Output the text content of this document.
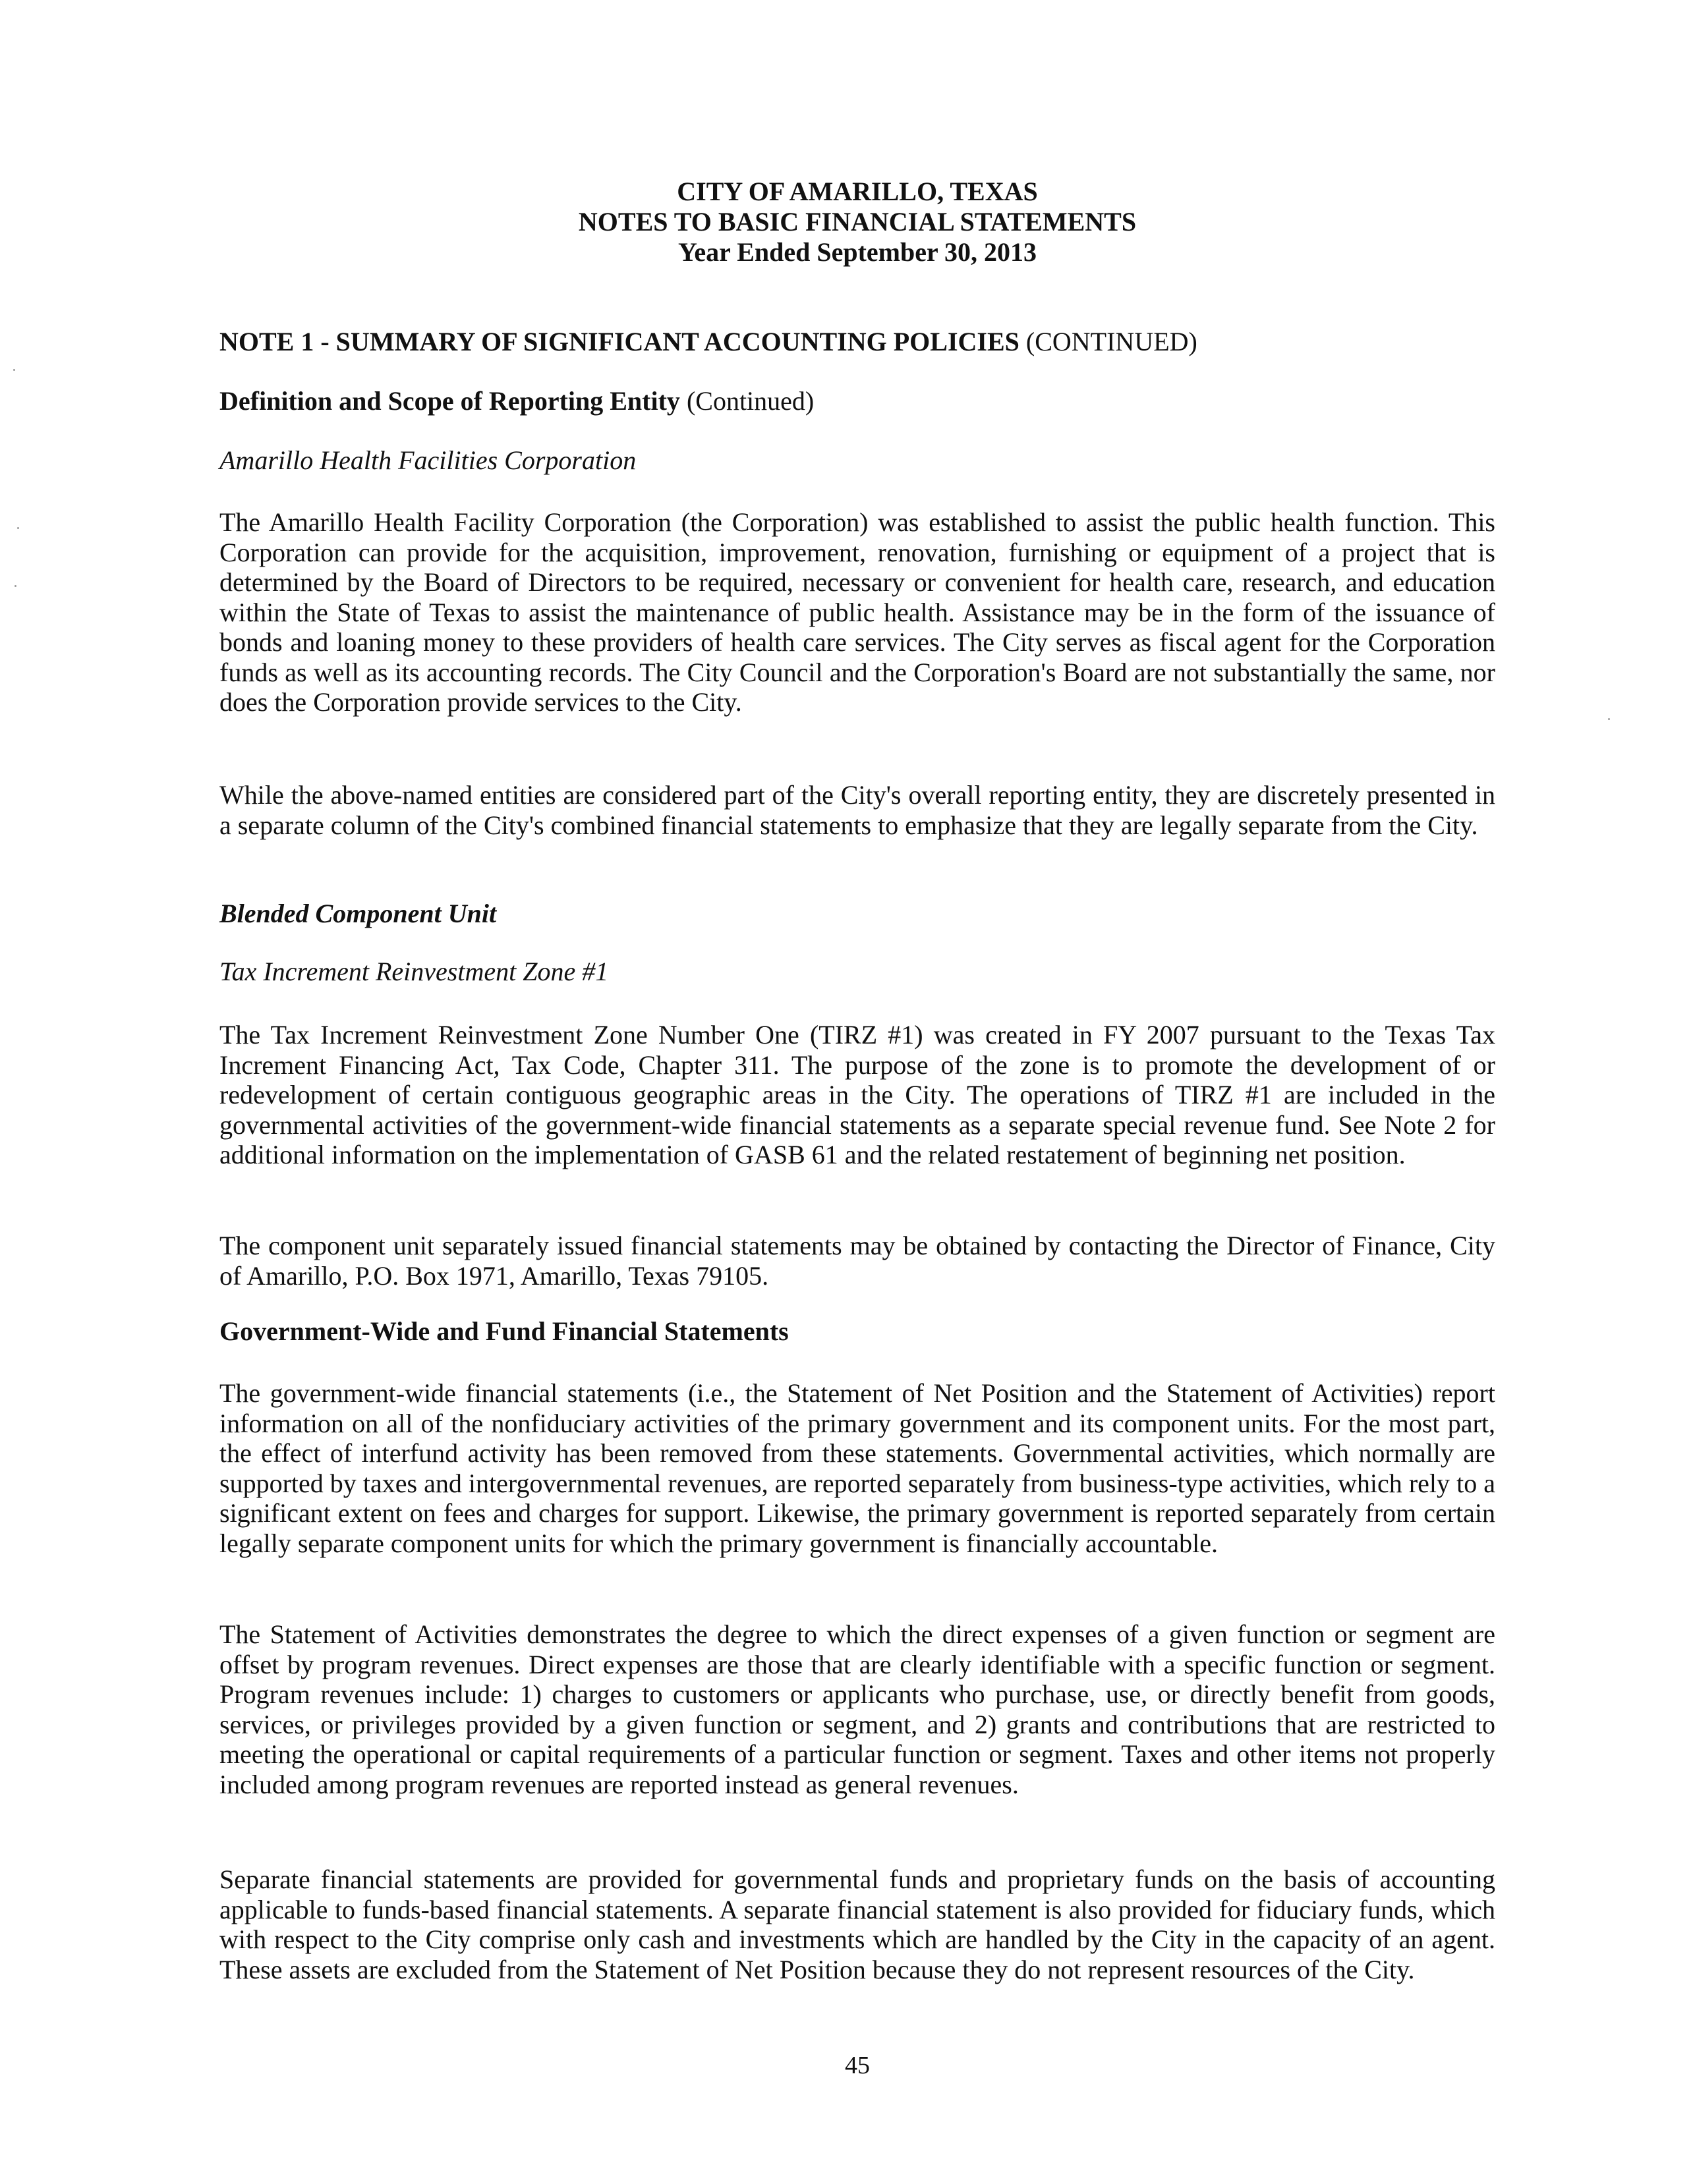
CITY OF AMARILLO, TEXAS
NOTES TO BASIC FINANCIAL STATEMENTS
Year Ended September 30, 2013
NOTE 1 - SUMMARY OF SIGNIFICANT ACCOUNTING POLICIES (CONTINUED)
Definition and Scope of Reporting Entity (Continued)
Amarillo Health Facilities Corporation
The Amarillo Health Facility Corporation (the Corporation) was established to assist the public health function. This Corporation can provide for the acquisition, improvement, renovation, furnishing or equipment of a project that is determined by the Board of Directors to be required, necessary or convenient for health care, research, and education within the State of Texas to assist the maintenance of public health. Assistance may be in the form of the issuance of bonds and loaning money to these providers of health care services. The City serves as fiscal agent for the Corporation funds as well as its accounting records. The City Council and the Corporation's Board are not substantially the same, nor does the Corporation provide services to the City.
While the above-named entities are considered part of the City's overall reporting entity, they are discretely presented in a separate column of the City's combined financial statements to emphasize that they are legally separate from the City.
Blended Component Unit
Tax Increment Reinvestment Zone #1
The Tax Increment Reinvestment Zone Number One (TIRZ #1) was created in FY 2007 pursuant to the Texas Tax Increment Financing Act, Tax Code, Chapter 311. The purpose of the zone is to promote the development of or redevelopment of certain contiguous geographic areas in the City. The operations of TIRZ #1 are included in the governmental activities of the government-wide financial statements as a separate special revenue fund. See Note 2 for additional information on the implementation of GASB 61 and the related restatement of beginning net position.
The component unit separately issued financial statements may be obtained by contacting the Director of Finance, City of Amarillo, P.O. Box 1971, Amarillo, Texas 79105.
Government-Wide and Fund Financial Statements
The government-wide financial statements (i.e., the Statement of Net Position and the Statement of Activities) report information on all of the nonfiduciary activities of the primary government and its component units. For the most part, the effect of interfund activity has been removed from these statements. Governmental activities, which normally are supported by taxes and intergovernmental revenues, are reported separately from business-type activities, which rely to a significant extent on fees and charges for support. Likewise, the primary government is reported separately from certain legally separate component units for which the primary government is financially accountable.
The Statement of Activities demonstrates the degree to which the direct expenses of a given function or segment are offset by program revenues. Direct expenses are those that are clearly identifiable with a specific function or segment. Program revenues include: 1) charges to customers or applicants who purchase, use, or directly benefit from goods, services, or privileges provided by a given function or segment, and 2) grants and contributions that are restricted to meeting the operational or capital requirements of a particular function or segment. Taxes and other items not properly included among program revenues are reported instead as general revenues.
Separate financial statements are provided for governmental funds and proprietary funds on the basis of accounting applicable to funds-based financial statements. A separate financial statement is also provided for fiduciary funds, which with respect to the City comprise only cash and investments which are handled by the City in the capacity of an agent. These assets are excluded from the Statement of Net Position because they do not represent resources of the City.
45
